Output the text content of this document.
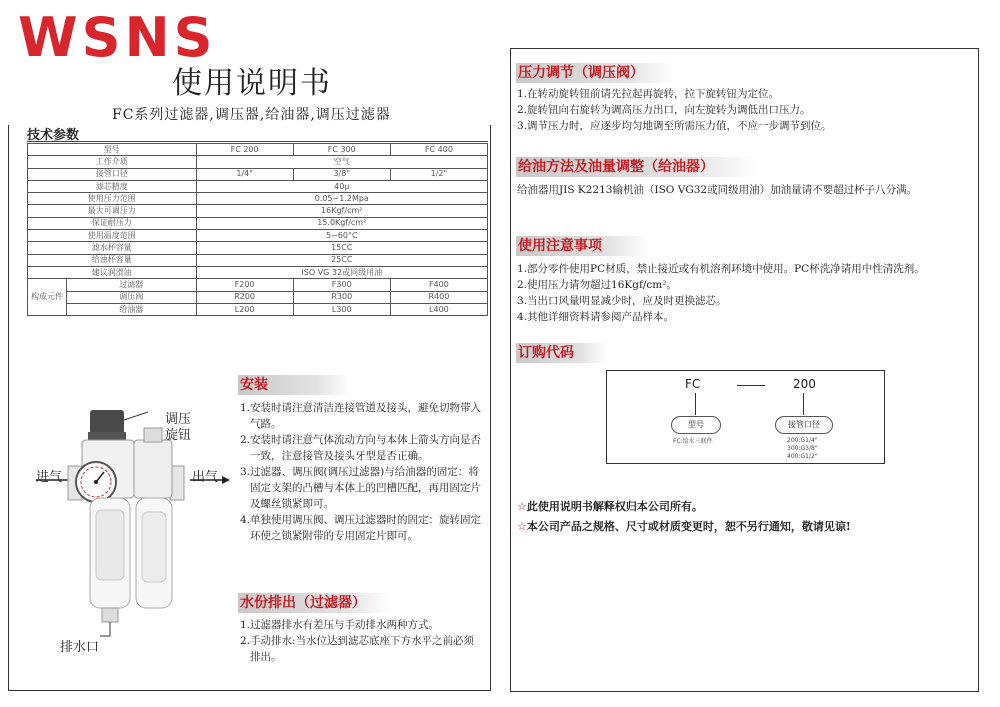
WSNS
使用说明书
FC系列过滤器,调压器,给油器,调压过滤器
技术参数
型号		FC 200	FC 300	FC 400
工作介质		空气		
接管口径		1/4"	3/8"	1/2"
滤芯精度		40μ		
使用压力范围		0.05~1.2Mpa		
最大可调压力		16Kgf/cm²		
保证耐压力		15.0Kgf/cm²		
使用温度范围		5~60°C		
滤水杯容量		15CC		
给油杯容量		25CC		
建议润滑油		ISO VG 32或同级用油		
构成元件	过滤器	F200	F300	F400
	调压阀	R200	R300	R400
	给油器	L200	L300	L400
安装
1.安装时请注意清洁连接管道及接头，避免切物带入气路。
2.安装时请注意气体流动方向与本体上箭头方向是否一致，注意接管及接头牙型是否正确。
3.过滤器、调压阀(调压过滤器)与给油器的固定：将固定支架的凸槽与本体上的凹槽匹配，再用固定片及螺丝锁紧即可。
4.单独使用调压阀、调压过滤器时的固定：旋转固定环使之锁紧附带的专用固定片即可。
进气	出气
调压
旋钮
排水口
水份排出（过滤器）
1.过滤器排水有差压与手动排水两种方式。
2.手动排水:当水位达到滤芯底座下方水平之前必须排出。
压力调节（调压阀）
1.在转动旋转钮前请先拉起再旋转，拉下旋转钮为定位。
2.旋转钮向右旋转为调高压力出口，向左旋转为调低出口压力。
3.调节压力时，应逐步均匀地调至所需压力值，不应一步调节到位。
给油方法及油量调整（给油器）

给油器用JIS K2213输机油（ISO VG32或同级用油）加油量请不要超过杯子八分满。

使用注意事项
1.部分零件使用PC材质，禁止接近或有机溶剂环境中使用。PC杯洗净请用中性清洗剂。
2.使用压力请勿超过16Kgf/cm²。
3.当出口风量明显减少时，应及时更换滤芯。
4.其他详细资料请参阅产品样本。
订购代码
FC	200
型号	接管口径
FC:给水三联件	200:G1/4"
300:G3/8"
400:G1/2"
☆此使用说明书解释权归本公司所有。
☆本公司产品之规格、尺寸或材质变更时，恕不另行通知，敬请见谅!
